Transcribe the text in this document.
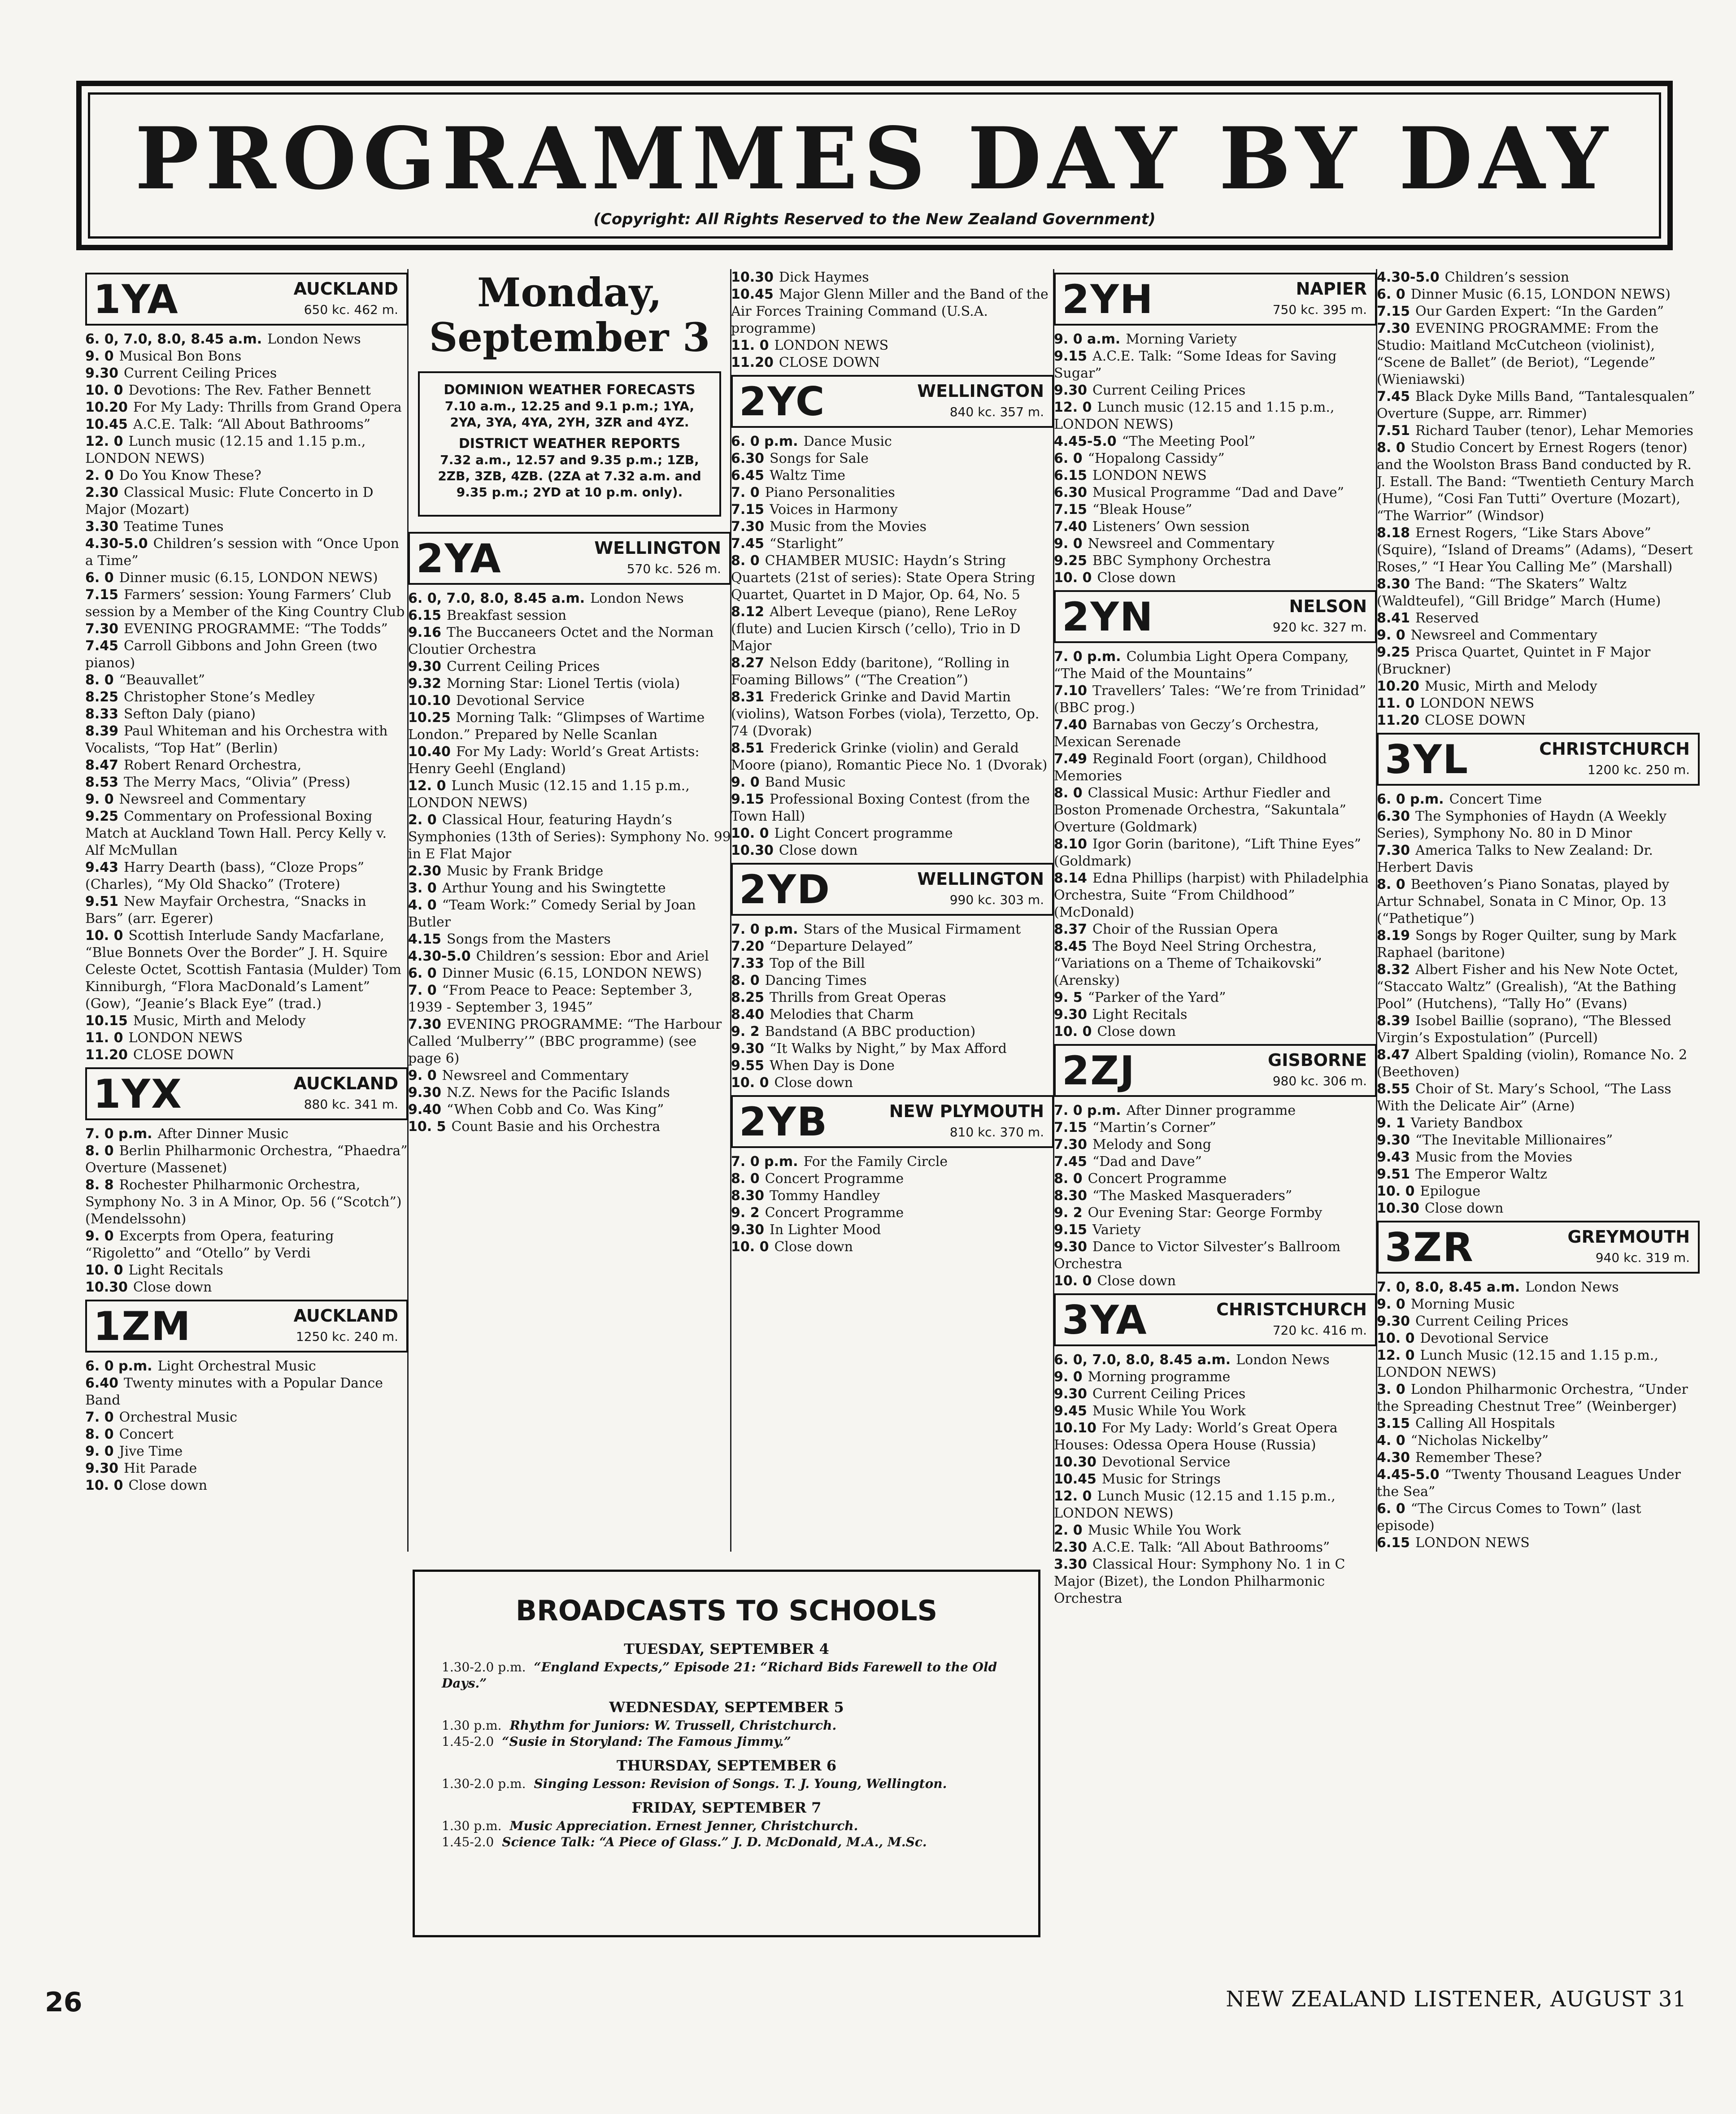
PROGRAMMES DAY BY DAY
(Copyright: All Rights Reserved to the New Zealand Government)
1YA	AUCKLAND
650 kc. 462 m.

6. 0, 7.0, 8.0, 8.45 a.m. London News

9. 0 Musical Bon Bons

9.30 Current Ceiling Prices

10. 0 Devotions: The Rev. Father Bennett

10.20 For My Lady: Thrills from Grand Opera

10.45 A.C.E. Talk: “All About Bathrooms”

12. 0 Lunch music (12.15 and 1.15 p.m., LONDON NEWS)

2. 0 Do You Know These?

2.30 Classical Music: Flute Concerto in D Major (Mozart)

3.30 Teatime Tunes

4.30-5.0 Children’s session with “Once Upon a Time”

6. 0 Dinner music (6.15, LONDON NEWS)

7.15 Farmers’ session: Young Farmers’ Club session by a Member of the King Country Club

7.30 EVENING PROGRAMME: “The Todds”

7.45 Carroll Gibbons and John Green (two pianos)

8. 0 “Beauvallet”

8.25 Christopher Stone’s Medley

8.33 Sefton Daly (piano)

8.39 Paul Whiteman and his Orchestra with Vocalists, “Top Hat” (Berlin)

8.47 Robert Renard Orchestra,

8.53 The Merry Macs, “Olivia” (Press)

9. 0 Newsreel and Commentary

9.25 Commentary on Professional Boxing Match at Auckland Town Hall. Percy Kelly v. Alf McMullan

9.43 Harry Dearth (bass), “Cloze Props” (Charles), “My Old Shacko” (Trotere)

9.51 New Mayfair Orchestra, “Snacks in Bars” (arr. Egerer)

10. 0 Scottish Interlude Sandy Macfarlane, “Blue Bonnets Over the Border” J. H. Squire Celeste Octet, Scottish Fantasia (Mulder) Tom Kinniburgh, “Flora MacDonald’s Lament” (Gow), “Jeanie’s Black Eye” (trad.)

10.15 Music, Mirth and Melody

11. 0 LONDON NEWS

11.20 CLOSE DOWN

1YX	AUCKLAND
880 kc. 341 m.

7. 0 p.m. After Dinner Music

8. 0 Berlin Philharmonic Orchestra, “Phaedra” Overture (Massenet)

8. 8 Rochester Philharmonic Orchestra, Symphony No. 3 in A Minor, Op. 56 (“Scotch”) (Mendelssohn)

9. 0 Excerpts from Opera, featuring “Rigoletto” and “Otello” by Verdi

10. 0 Light Recitals

10.30 Close down

1ZM	AUCKLAND
1250 kc. 240 m.

6. 0 p.m. Light Orchestral Music

6.40 Twenty minutes with a Popular Dance Band

7. 0 Orchestral Music

8. 0 Concert

9. 0 Jive Time

9.30 Hit Parade

10. 0 Close down

Monday, September 3
DOMINION WEATHER FORECASTS
7.10 a.m., 12.25 and 9.1 p.m.; 1YA, 2YA, 3YA, 4YA, 2YH, 3ZR and 4YZ.
DISTRICT WEATHER REPORTS
7.32 a.m., 12.57 and 9.35 p.m.; 1ZB, 2ZB, 3ZB, 4ZB. (2ZA at 7.32 a.m. and 9.35 p.m.; 2YD at 10 p.m. only).
2YA	WELLINGTON
570 kc. 526 m.

6. 0, 7.0, 8.0, 8.45 a.m. London News

6.15 Breakfast session

9.16 The Buccaneers Octet and the Norman Cloutier Orchestra

9.30 Current Ceiling Prices

9.32 Morning Star: Lionel Tertis (viola)

10.10 Devotional Service

10.25 Morning Talk: “Glimpses of Wartime London.” Prepared by Nelle Scanlan

10.40 For My Lady: World’s Great Artists: Henry Geehl (England)

12. 0 Lunch Music (12.15 and 1.15 p.m., LONDON NEWS)

2. 0 Classical Hour, featuring Haydn’s Symphonies (13th of Series): Symphony No. 99 in E Flat Major

2.30 Music by Frank Bridge

3. 0 Arthur Young and his Swingtette

4. 0 “Team Work:” Comedy Serial by Joan Butler

4.15 Songs from the Masters

4.30-5.0 Children’s session: Ebor and Ariel

6. 0 Dinner Music (6.15, LONDON NEWS)

7. 0 “From Peace to Peace: September 3, 1939 - September 3, 1945”

7.30 EVENING PROGRAMME: “The Harbour Called ‘Mulberry’” (BBC programme) (see page 6)

9. 0 Newsreel and Commentary

9.30 N.Z. News for the Pacific Islands

9.40 “When Cobb and Co. Was King”

10. 5 Count Basie and his Orchestra

10.30 Dick Haymes

10.45 Major Glenn Miller and the Band of the Air Forces Training Command (U.S.A. programme)

11. 0 LONDON NEWS

11.20 CLOSE DOWN

2YC	WELLINGTON
840 kc. 357 m.

6. 0 p.m. Dance Music

6.30 Songs for Sale

6.45 Waltz Time

7. 0 Piano Personalities

7.15 Voices in Harmony

7.30 Music from the Movies

7.45 “Starlight”

8. 0 CHAMBER MUSIC: Haydn’s String Quartets (21st of series): State Opera String Quartet, Quartet in D Major, Op. 64, No. 5

8.12 Albert Leveque (piano), Rene LeRoy (flute) and Lucien Kirsch (’cello), Trio in D Major

8.27 Nelson Eddy (baritone), “Rolling in Foaming Billows” (“The Creation”)

8.31 Frederick Grinke and David Martin (violins), Watson Forbes (viola), Terzetto, Op. 74 (Dvorak)

8.51 Frederick Grinke (violin) and Gerald Moore (piano), Romantic Piece No. 1 (Dvorak)

9. 0 Band Music

9.15 Professional Boxing Contest (from the Town Hall)

10. 0 Light Concert programme

10.30 Close down

2YD	WELLINGTON
990 kc. 303 m.

7. 0 p.m. Stars of the Musical Firmament

7.20 “Departure Delayed”

7.33 Top of the Bill

8. 0 Dancing Times

8.25 Thrills from Great Operas

8.40 Melodies that Charm

9. 2 Bandstand (A BBC production)

9.30 “It Walks by Night,” by Max Afford

9.55 When Day is Done

10. 0 Close down

2YB	NEW PLYMOUTH
810 kc. 370 m.

7. 0 p.m. For the Family Circle

8. 0 Concert Programme

8.30 Tommy Handley

9. 2 Concert Programme

9.30 In Lighter Mood

10. 0 Close down

2YH	NAPIER
750 kc. 395 m.

9. 0 a.m. Morning Variety

9.15 A.C.E. Talk: “Some Ideas for Saving Sugar”

9.30 Current Ceiling Prices

12. 0 Lunch music (12.15 and 1.15 p.m., LONDON NEWS)

4.45-5.0 “The Meeting Pool”

6. 0 “Hopalong Cassidy”

6.15 LONDON NEWS

6.30 Musical Programme “Dad and Dave”

7.15 “Bleak House”

7.40 Listeners’ Own session

9. 0 Newsreel and Commentary

9.25 BBC Symphony Orchestra

10. 0 Close down

2YN	NELSON
920 kc. 327 m.

7. 0 p.m. Columbia Light Opera Company, “The Maid of the Mountains”

7.10 Travellers’ Tales: “We’re from Trinidad” (BBC prog.)

7.40 Barnabas von Geczy’s Orchestra, Mexican Serenade

7.49 Reginald Foort (organ), Childhood Memories

8. 0 Classical Music: Arthur Fiedler and Boston Promenade Orchestra, “Sakuntala” Overture (Goldmark)

8.10 Igor Gorin (baritone), “Lift Thine Eyes” (Goldmark)

8.14 Edna Phillips (harpist) with Philadelphia Orchestra, Suite “From Childhood” (McDonald)

8.37 Choir of the Russian Opera

8.45 The Boyd Neel String Orchestra, “Variations on a Theme of Tchaikovski” (Arensky)

9. 5 “Parker of the Yard”

9.30 Light Recitals

10. 0 Close down

2ZJ	GISBORNE
980 kc. 306 m.

7. 0 p.m. After Dinner programme

7.15 “Martin’s Corner”

7.30 Melody and Song

7.45 “Dad and Dave”

8. 0 Concert Programme

8.30 “The Masked Masqueraders”

9. 2 Our Evening Star: George Formby

9.15 Variety

9.30 Dance to Victor Silvester’s Ballroom Orchestra

10. 0 Close down

3YA	CHRISTCHURCH
720 kc. 416 m.

6. 0, 7.0, 8.0, 8.45 a.m. London News

9. 0 Morning programme

9.30 Current Ceiling Prices

9.45 Music While You Work

10.10 For My Lady: World’s Great Opera Houses: Odessa Opera House (Russia)

10.30 Devotional Service

10.45 Music for Strings

12. 0 Lunch Music (12.15 and 1.15 p.m., LONDON NEWS)

2. 0 Music While You Work

2.30 A.C.E. Talk: “All About Bathrooms”

3.30 Classical Hour: Symphony No. 1 in C Major (Bizet), the London Philharmonic Orchestra

4.30-5.0 Children’s session

6. 0 Dinner Music (6.15, LONDON NEWS)

7.15 Our Garden Expert: “In the Garden”

7.30 EVENING PROGRAMME: From the Studio: Maitland McCutcheon (violinist), “Scene de Ballet” (de Beriot), “Legende” (Wieniawski)

7.45 Black Dyke Mills Band, “Tantalesqualen” Overture (Suppe, arr. Rimmer)

7.51 Richard Tauber (tenor), Lehar Memories

8. 0 Studio Concert by Ernest Rogers (tenor) and the Woolston Brass Band conducted by R. J. Estall. The Band: “Twentieth Century March (Hume), “Cosi Fan Tutti” Overture (Mozart), “The Warrior” (Windsor)

8.18 Ernest Rogers, “Like Stars Above” (Squire), “Island of Dreams” (Adams), “Desert Roses,” “I Hear You Calling Me” (Marshall)

8.30 The Band: “The Skaters” Waltz (Waldteufel), “Gill Bridge” March (Hume)

8.41 Reserved

9. 0 Newsreel and Commentary

9.25 Prisca Quartet, Quintet in F Major (Bruckner)

10.20 Music, Mirth and Melody

11. 0 LONDON NEWS

11.20 CLOSE DOWN

3YL	CHRISTCHURCH
1200 kc. 250 m.

6. 0 p.m. Concert Time

6.30 The Symphonies of Haydn (A Weekly Series), Symphony No. 80 in D Minor

7.30 America Talks to New Zealand: Dr. Herbert Davis

8. 0 Beethoven’s Piano Sonatas, played by Artur Schnabel, Sonata in C Minor, Op. 13 (“Pathetique”)

8.19 Songs by Roger Quilter, sung by Mark Raphael (baritone)

8.32 Albert Fisher and his New Note Octet, “Staccato Waltz” (Grealish), “At the Bathing Pool” (Hutchens), “Tally Ho” (Evans)

8.39 Isobel Baillie (soprano), “The Blessed Virgin’s Expostulation” (Purcell)

8.47 Albert Spalding (violin), Romance No. 2 (Beethoven)

8.55 Choir of St. Mary’s School, “The Lass With the Delicate Air” (Arne)

9. 1 Variety Bandbox

9.30 “The Inevitable Millionaires”

9.43 Music from the Movies

9.51 The Emperor Waltz

10. 0 Epilogue

10.30 Close down

3ZR	GREYMOUTH
940 kc. 319 m.

7. 0, 8.0, 8.45 a.m. London News

9. 0 Morning Music

9.30 Current Ceiling Prices

10. 0 Devotional Service

12. 0 Lunch Music (12.15 and 1.15 p.m., LONDON NEWS)

3. 0 London Philharmonic Orchestra, “Under the Spreading Chestnut Tree” (Weinberger)

3.15 Calling All Hospitals

4. 0 “Nicholas Nickelby”

4.30 Remember These?

4.45-5.0 “Twenty Thousand Leagues Under the Sea”

6. 0 “The Circus Comes to Town” (last episode)

6.15 LONDON NEWS

BROADCASTS TO SCHOOLS
TUESDAY, SEPTEMBER 4
1.30-2.0 p.m. “England Expects,” Episode 21: “Richard Bids Farewell to the Old Days.”
WEDNESDAY, SEPTEMBER 5
1.30 p.m. Rhythm for Juniors: W. Trussell, Christchurch.
1.45-2.0 “Susie in Storyland: The Famous Jimmy.”
THURSDAY, SEPTEMBER 6
1.30-2.0 p.m. Singing Lesson: Revision of Songs. T. J. Young, Wellington.
FRIDAY, SEPTEMBER 7
1.30 p.m. Music Appreciation. Ernest Jenner, Christchurch.
1.45-2.0 Science Talk: “A Piece of Glass.” J. D. McDonald, M.A., M.Sc.
26	NEW ZEALAND LISTENER, AUGUST 31
